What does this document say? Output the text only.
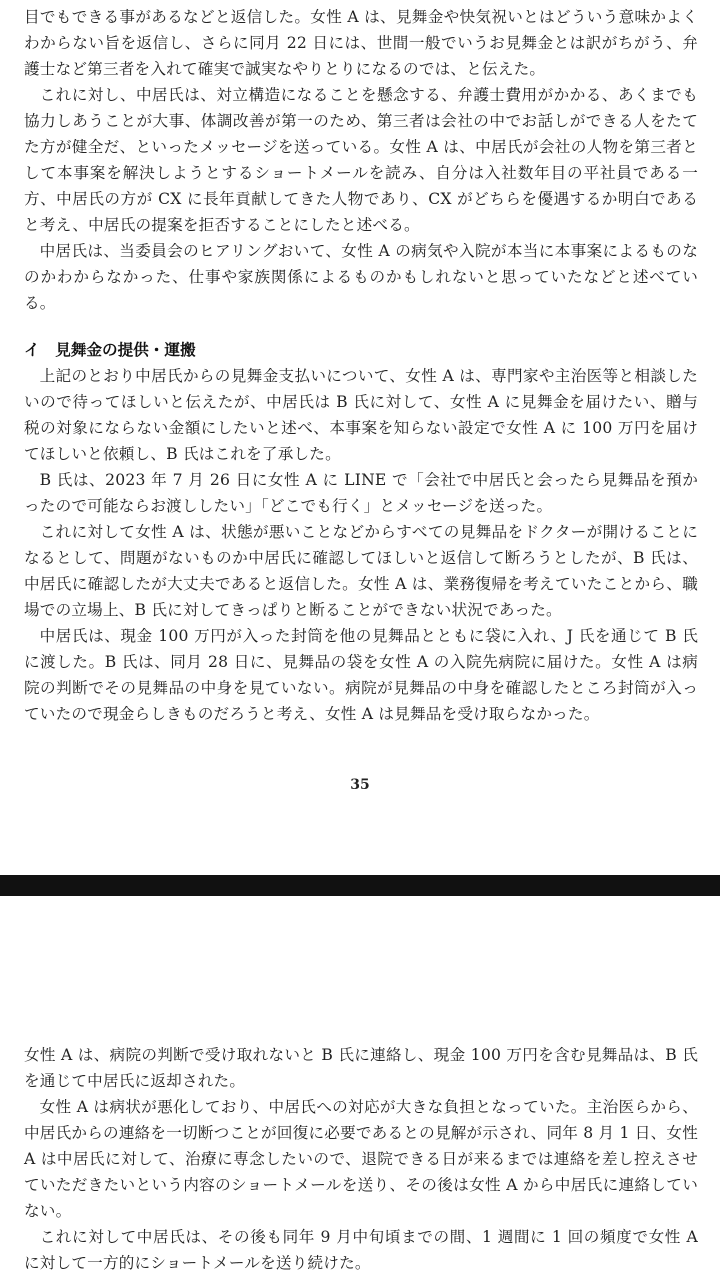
目でもできる事があるなどと返信した。女性 A は、見舞金や快気祝いとはどういう意味かよくわからない旨を返信し、さらに同月 22 日には、世間一般でいうお見舞金とは訳がちがう、弁護士など第三者を入れて確実で誠実なやりとりになるのでは、と伝えた。

これに対し、中居氏は、対立構造になることを懸念する、弁護士費用がかかる、あくまでも協力しあうことが大事、体調改善が第一のため、第三者は会社の中でお話しができる人をたてた方が健全だ、といったメッセージを送っている。女性 A は、中居氏が会社の人物を第三者として本事案を解決しようとするショートメールを読み、自分は入社数年目の平社員である一方、中居氏の方が CX に長年貢献してきた人物であり、CX がどちらを優遇するか明白であると考え、中居氏の提案を拒否することにしたと述べる。

中居氏は、当委員会のヒアリングおいて、女性 A の病気や入院が本当に本事案によるものなのかわからなかった、仕事や家族関係によるものかもしれないと思っていたなどと述べている。

イ　見舞金の提供・運搬

上記のとおり中居氏からの見舞金支払いについて、女性 A は、専門家や主治医等と相談したいので待ってほしいと伝えたが、中居氏は B 氏に対して、女性 A に見舞金を届けたい、贈与税の対象にならない金額にしたいと述べ、本事案を知らない設定で女性 A に 100 万円を届けてほしいと依頼し、B 氏はこれを了承した。

B 氏は、2023 年 7 月 26 日に女性 A に LINE で「会社で中居氏と会ったら見舞品を預かったので可能ならお渡ししたい」「どこでも行く」とメッセージを送った。

これに対して女性 A は、状態が悪いことなどからすべての見舞品をドクターが開けることになるとして、問題がないものか中居氏に確認してほしいと返信して断ろうとしたが、B 氏は、中居氏に確認したが大丈夫であると返信した。女性 A は、業務復帰を考えていたことから、職場での立場上、B 氏に対してきっぱりと断ることができない状況であった。

中居氏は、現金 100 万円が入った封筒を他の見舞品とともに袋に入れ、J 氏を通じて B 氏に渡した。B 氏は、同月 28 日に、見舞品の袋を女性 A の入院先病院に届けた。女性 A は病院の判断でその見舞品の中身を見ていない。病院が見舞品の中身を確認したところ封筒が入っていたので現金らしきものだろうと考え、女性 A は見舞品を受け取らなかった。

35

女性 A は、病院の判断で受け取れないと B 氏に連絡し、現金 100 万円を含む見舞品は、B 氏を通じて中居氏に返却された。

女性 A は病状が悪化しており、中居氏への対応が大きな負担となっていた。主治医らから、中居氏からの連絡を一切断つことが回復に必要であるとの見解が示され、同年 8 月 1 日、女性 A は中居氏に対して、治療に専念したいので、退院できる日が来るまでは連絡を差し控えさせていただきたいという内容のショートメールを送り、その後は女性 A から中居氏に連絡していない。

これに対して中居氏は、その後も同年 9 月中旬頃までの間、1 週間に 1 回の頻度で女性 A に対して一方的にショートメールを送り続けた。
